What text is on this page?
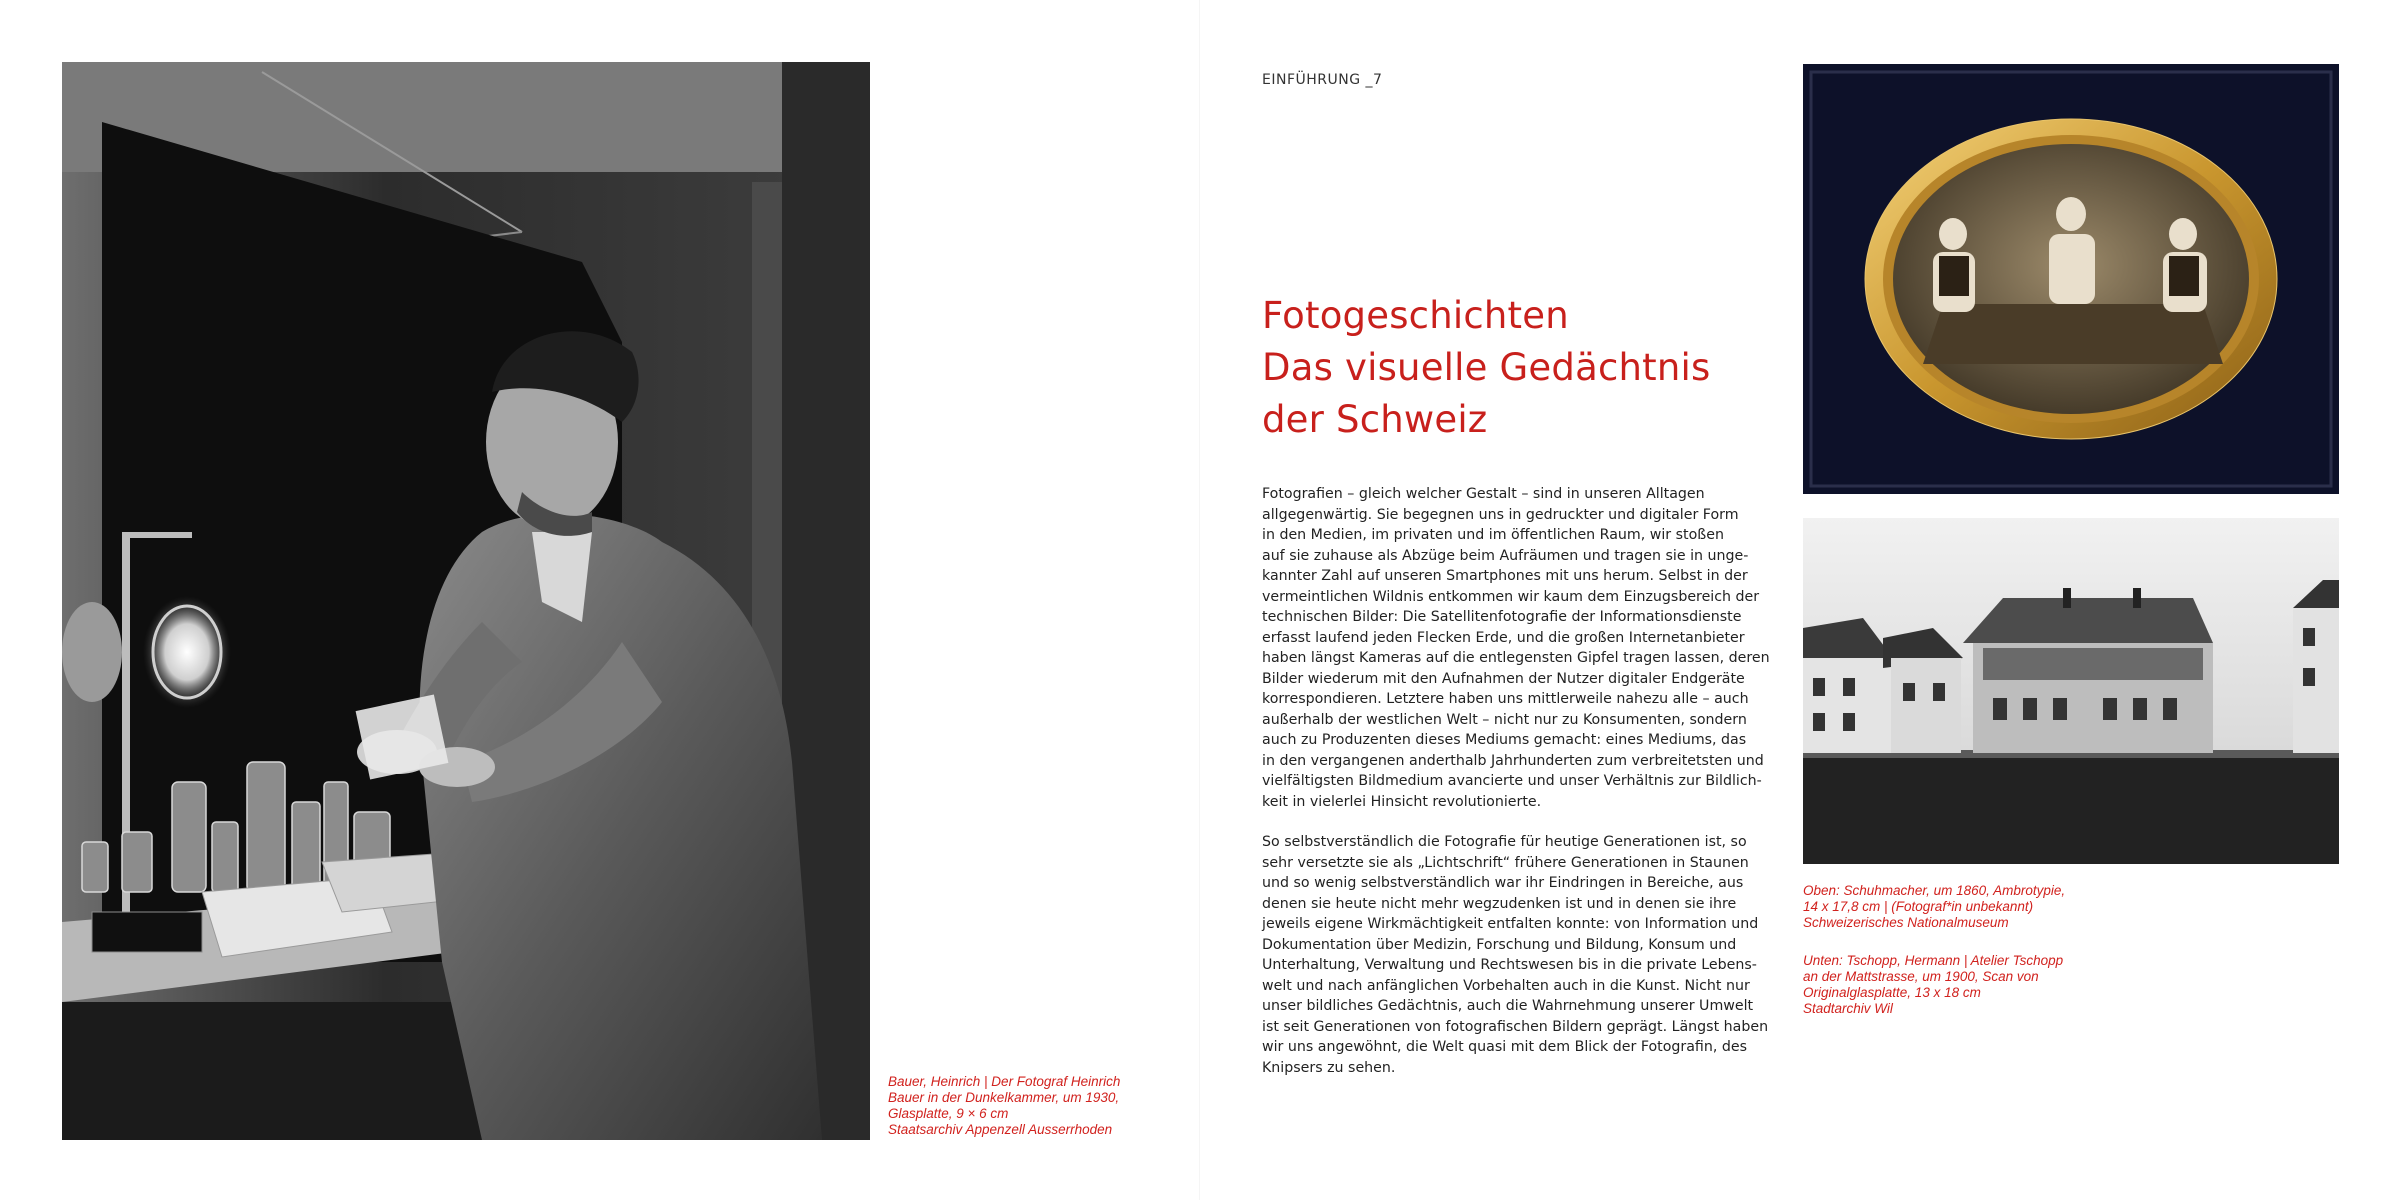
Bauer, Heinrich | Der Fotograf Heinrich
Bauer in der Dunkelkammer, um 1930,
Glasplatte, 9 × 6 cm
Staatsarchiv Appenzell Ausserrhoden
EINFÜHRUNG _7
Fotogeschichten
Das visuelle Gedächtnis
der Schweiz

Fotografien – gleich welcher Gestalt – sind in unseren Alltagen
allgegenwärtig. Sie begegnen uns in gedruckter und digitaler Form
in den Medien, im privaten und im öffentlichen Raum, wir stoßen
auf sie zuhause als Abzüge beim Aufräumen und tragen sie in unge-
kannter Zahl auf unseren Smartphones mit uns herum. Selbst in der
vermeintlichen Wildnis entkommen wir kaum dem Einzugsbereich der
technischen Bilder: Die Satellitenfotografie der Informationsdienste
erfasst laufend jeden Flecken Erde, und die großen Internetanbieter
haben längst Kameras auf die entlegensten Gipfel tragen lassen, deren
Bilder wiederum mit den Aufnahmen der Nutzer digitaler Endgeräte
korrespondieren. Letztere haben uns mittlerweile nahezu alle – auch
außerhalb der westlichen Welt – nicht nur zu Konsumenten, sondern
auch zu Produzenten dieses Mediums gemacht: eines Mediums, das
in den vergangenen anderthalb Jahrhunderten zum verbreitetsten und
vielfältigsten Bildmedium avancierte und unser Verhältnis zur Bildlich-
keit in vielerlei Hinsicht revolutionierte.

So selbstverständlich die Fotografie für heutige Generationen ist, so
sehr versetzte sie als „Lichtschrift“ frühere Generationen in Staunen
und so wenig selbstverständlich war ihr Eindringen in Bereiche, aus
denen sie heute nicht mehr wegzudenken ist und in denen sie ihre
jeweils eigene Wirkmächtigkeit entfalten konnte: von Information und
Dokumentation über Medizin, Forschung und Bildung, Konsum und
Unterhaltung, Verwaltung und Rechtswesen bis in die private Lebens-
welt und nach anfänglichen Vorbehalten auch in die Kunst. Nicht nur
unser bildliches Gedächtnis, auch die Wahrnehmung unserer Umwelt
ist seit Generationen von fotografischen Bildern geprägt. Längst haben
wir uns angewöhnt, die Welt quasi mit dem Blick der Fotografin, des
Knipsers zu sehen.

Oben: Schuhmacher, um 1860, Ambrotypie,
14 x 17,8 cm | (Fotograf*in unbekannt)
Schweizerisches Nationalmuseum
Unten: Tschopp, Hermann | Atelier Tschopp
an der Mattstrasse, um 1900, Scan von
Originalglasplatte, 13 x 18 cm
Stadtarchiv Wil
